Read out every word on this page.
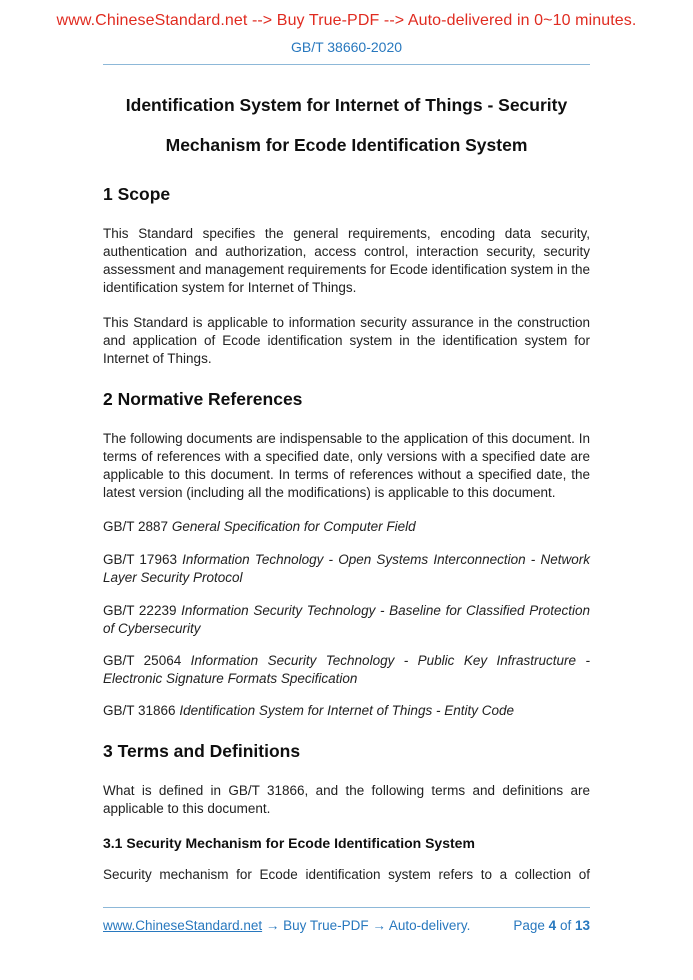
www.ChineseStandard.net --> Buy True-PDF --> Auto-delivered in 0~10 minutes.
GB/T 38660-2020
Identification System for Internet of Things - Security
Mechanism for Ecode Identification System
1 Scope

This Standard specifies the general requirements, encoding data security, authentication and authorization, access control, interaction security, security assessment and management requirements for Ecode identification system in the identification system for Internet of Things.

This Standard is applicable to information security assurance in the construction and application of Ecode identification system in the identification system for Internet of Things.

2 Normative References

The following documents are indispensable to the application of this document. In terms of references with a specified date, only versions with a specified date are applicable to this document. In terms of references without a specified date, the latest version (including all the modifications) is applicable to this document.

GB/T 2887 General Specification for Computer Field

GB/T 17963 Information Technology - Open Systems Interconnection - Network Layer Security Protocol

GB/T 22239 Information Security Technology - Baseline for Classified Protection of Cybersecurity

GB/T 25064 Information Security Technology - Public Key Infrastructure - Electronic Signature Formats Specification

GB/T 31866 Identification System for Internet of Things - Entity Code

3 Terms and Definitions

What is defined in GB/T 31866, and the following terms and definitions are applicable to this document.

3.1 Security Mechanism for Ecode Identification System

Security mechanism for Ecode identification system refers to a collection of

www.ChineseStandard.net → Buy True-PDF → Auto-delivery.	Page 4 of 13
